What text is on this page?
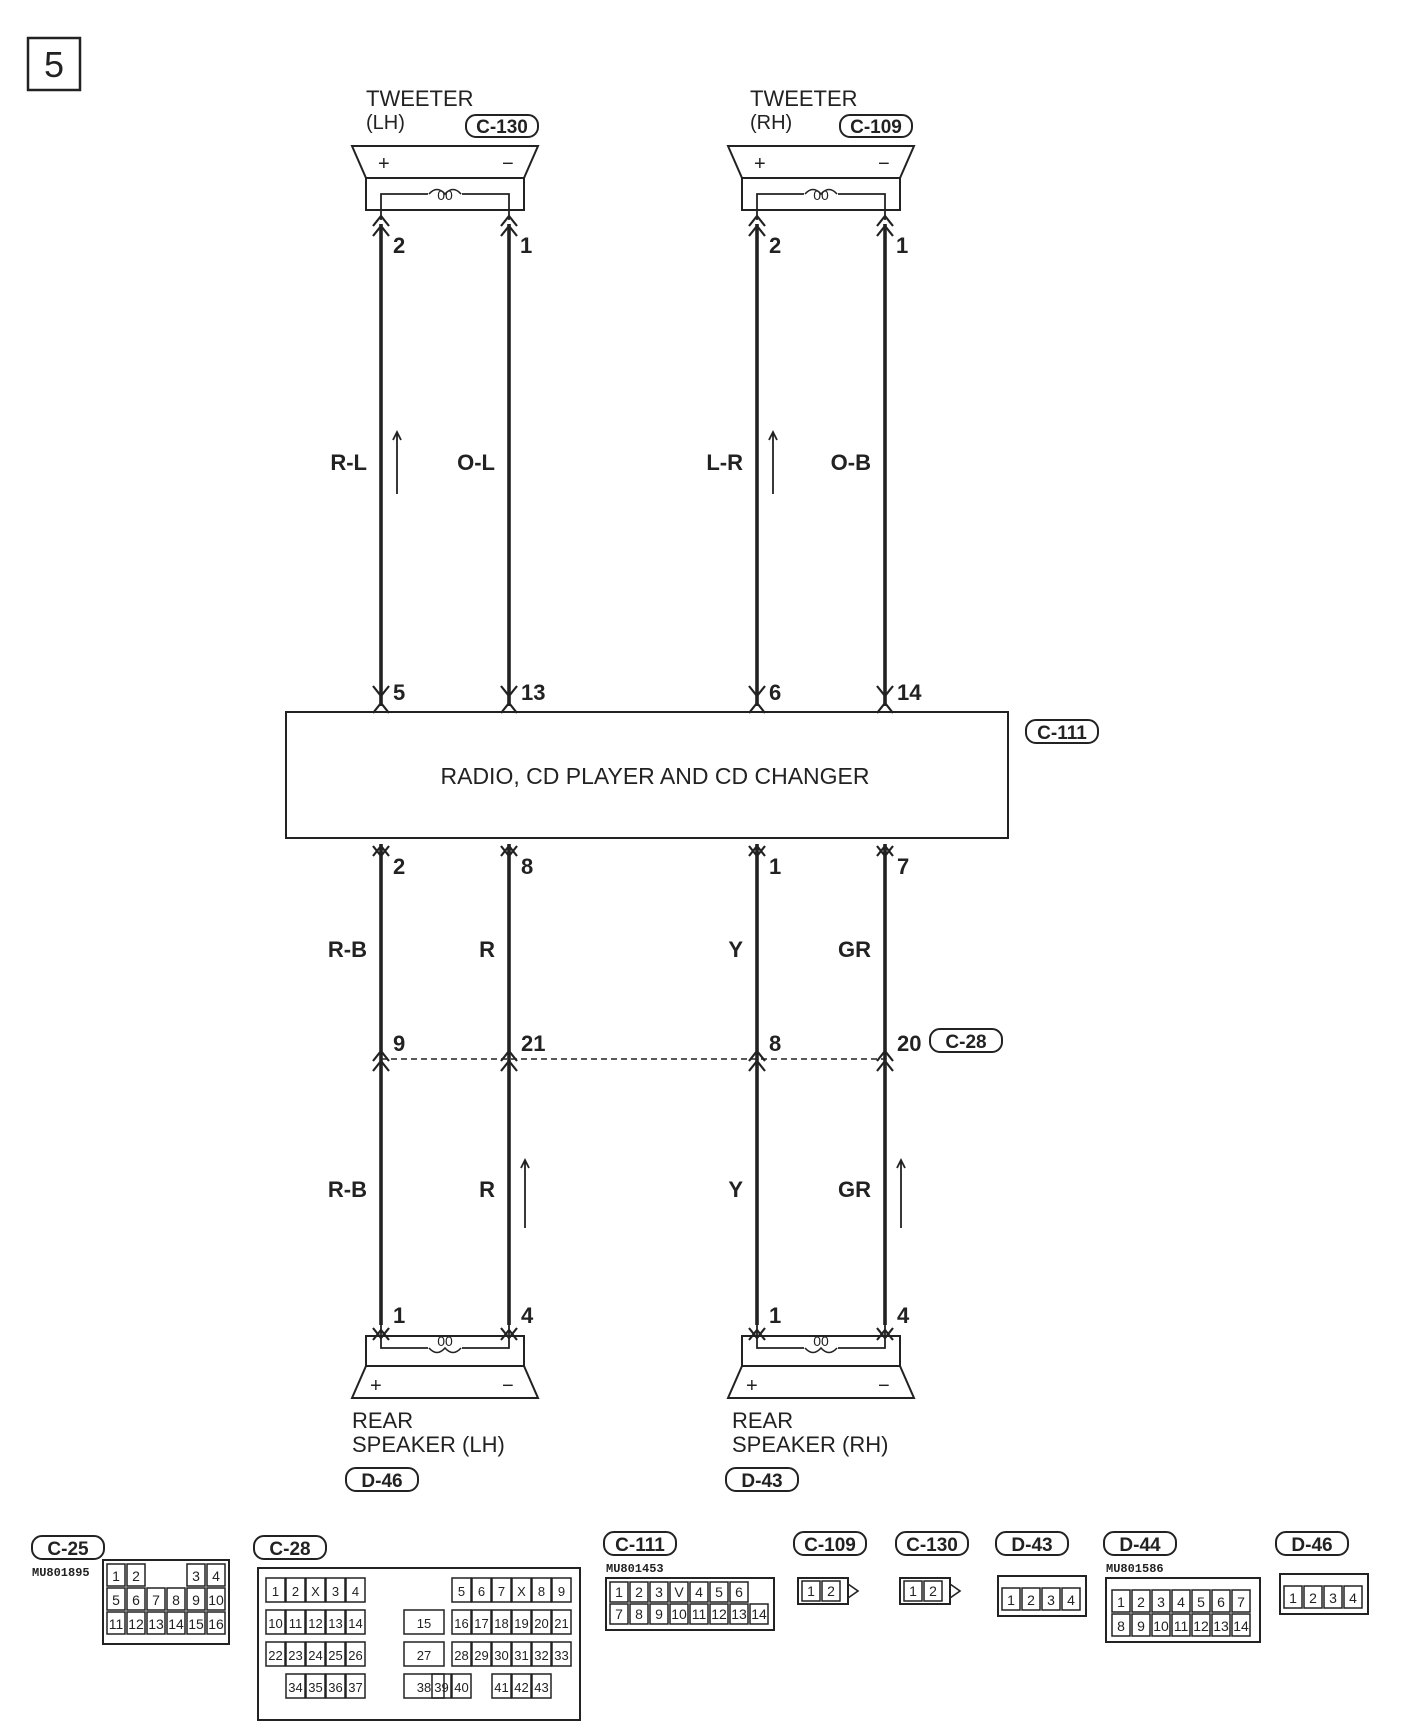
5
TWEETER
(LH)	C-130
+	−
00
TWEETER
(RH)	C-109
+	−
00
2	1	2	1
R-L
5
O-L
13
L-R
6
O-B
14
RADIO, CD PLAYER AND CD CHANGER
C-111
2
R-B
9
R-B
1
8
R
21
R
4
1
Y
8
Y
1
7
GR
20
GR
4
C-28
00
+	−
REAR
SPEAKER (LH)
D-46
00
+	−
REAR
SPEAKER (RH)
D-43
C-25
MU801895 1 2	3 4
5 6 7 8 9 10
11 12 13 14 15 16
C-28
1 2 X 3 4	5 6 7 X 8 9
10 11 12 13 14	15 16 17 18 19 20 21
22 23 24 25 26	27 28 29 30 31 32 33
34 35 36 37	38 39 40 41 42 43
C-111
MU801453
1 2 3 V 4 5 6
7 8 9 10 11 12 13 14
C-109
1 2
C-130
1 2
D-43
1 2 3 4
D-44
MU801586
1 2 3 4 5 6 7
8 9 10 11 12 13 14
D-46
1 2 3 4
